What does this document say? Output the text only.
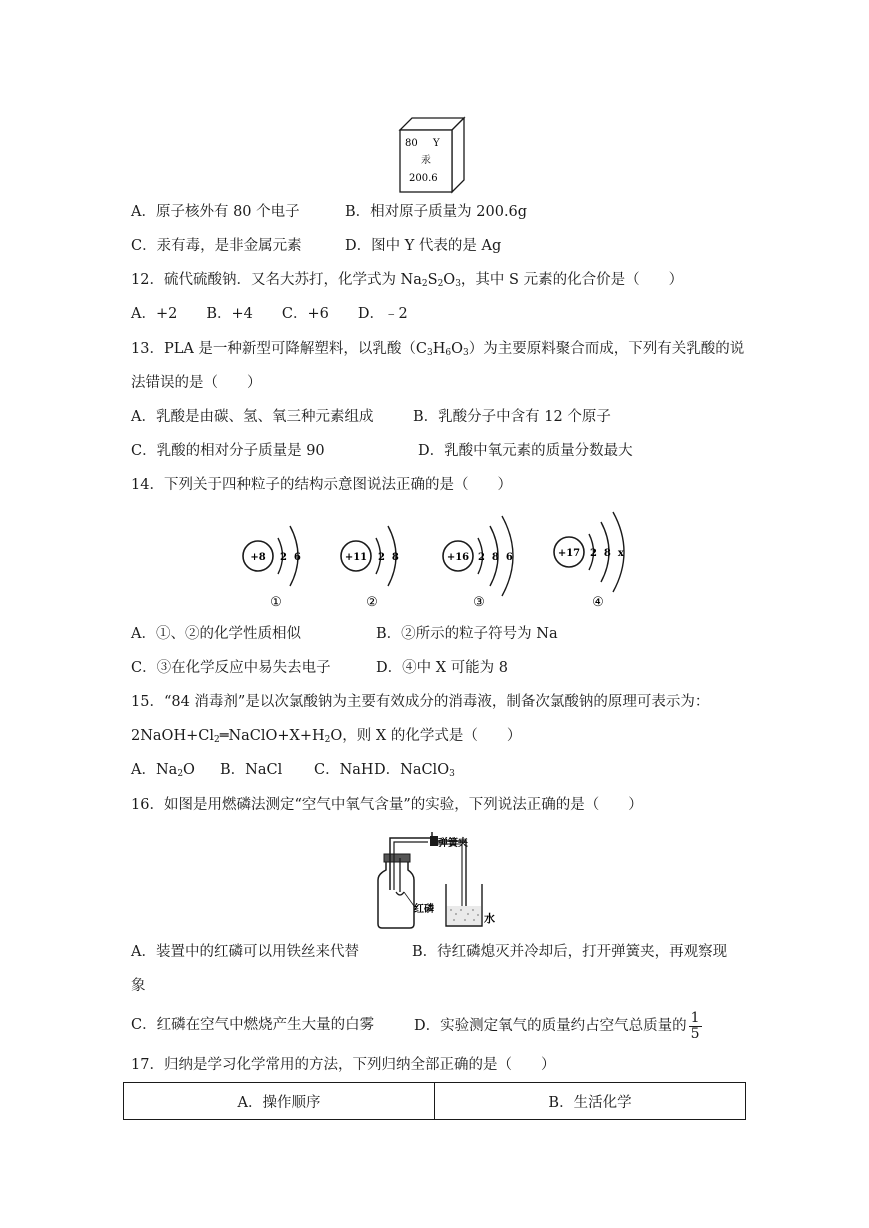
80 Y
汞
200.6
A．原子核外有 80 个电子	B．相对原子质量为 200.6g
C．汞有毒，是非金属元素	D．图中 Y 代表的是 Ag
12．硫代硫酸钠．又名大苏打，化学式为 $Na_2S_2O_3$，其中 S 元素的化合价是（　　）
A．+2　　B．+4　　C．+6　　D．﹣2
13．PLA 是一种新型可降解塑料，以乳酸$(C_3H_6O_3)$为主要原料聚合而成，下列有关乳酸的说
法错误的是（　　）
A．乳酸是由碳、氢、氧三种元素组成	B．乳酸分子中含有 12 个原子
C．乳酸的相对分子质量是 90	D．乳酸中氧元素的质量分数最大
14．下列关于四种粒子的结构示意图说法正确的是（　　）
+8 2  6
①
+11 2  8
②
+16 2  8  6
③
+17 2  8  x
④
A．①、②的化学性质相似	B．②所示的粒子符号为 Na
C．③在化学反应中易失去电子	D．④中 X 可能为 8
15．“84 消毒剂”是以次氯酸钠为主要有效成分的消毒液，制备次氯酸钠的原理可表示为：
$2NaOH+Cl_2═NaClO+X+H_2O$，则 X 的化学式是（　　）
A．$Na_2O$ B．NaCl C．NaH D．NaClO$_3$
16．如图是用燃磷法测定“空气中氧气含量”的实验，下列说法正确的是（　　）
弹簧夹
红磷
水
A．装置中的红磷可以用铁丝来代替	B．待红磷熄灭并冷却后，打开弹簧夹，再观察现
象
C．红磷在空气中燃烧产生大量的白雾	D．实验测定氧气的质量约占空气总质量的 $\frac{1}{5}$
17．归纳是学习化学常用的方法，下列归纳全部正确的是（　　）
A．操作顺序	B．生活化学
